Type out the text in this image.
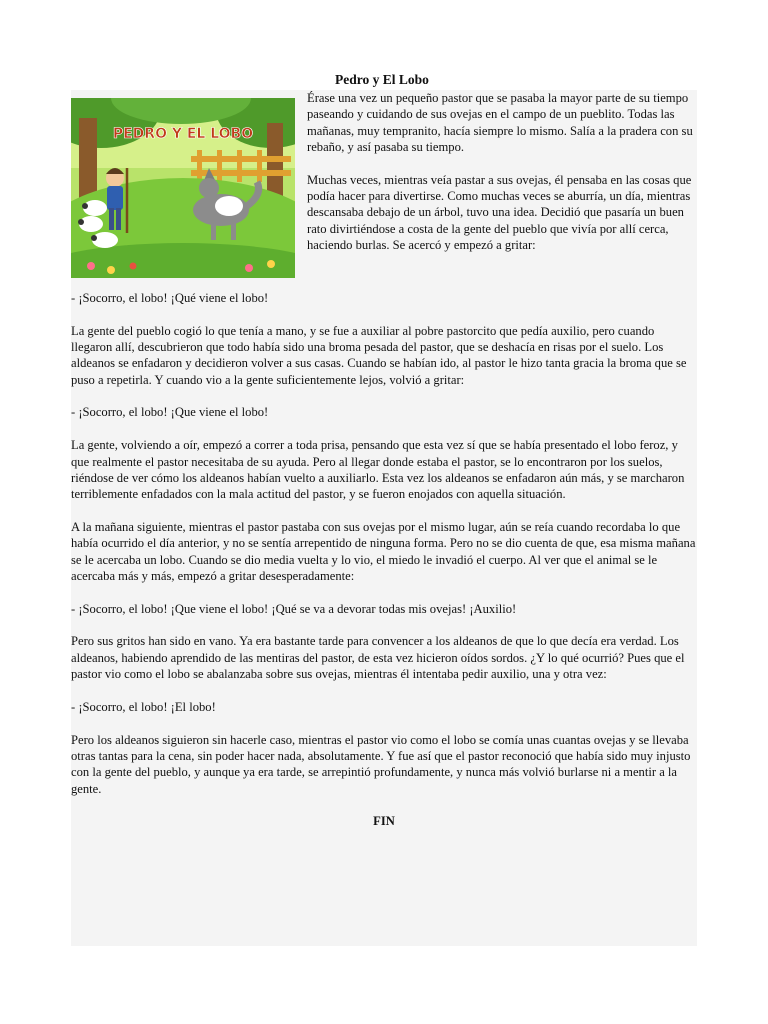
Pedro y El Lobo
PEDRO Y EL LOBO

Érase una vez un pequeño pastor que se pasaba la mayor parte de su tiempo paseando y cuidando de sus ovejas en el campo de un pueblito. Todas las mañanas, muy tempranito, hacía siempre lo mismo. Salía a la pradera con su rebaño, y así pasaba su tiempo.

Muchas veces, mientras veía pastar a sus ovejas, él pensaba en las cosas que podía hacer para divertirse. Como muchas veces se aburría, un día, mientras descansaba debajo de un árbol, tuvo una idea. Decidió que pasaría un buen rato divirtiéndose a costa de la gente del pueblo que vivía por allí cerca, haciendo burlas. Se acercó y empezó a gritar:

- ¡Socorro, el lobo! ¡Qué viene el lobo!

La gente del pueblo cogió lo que tenía a mano, y se fue a auxiliar al pobre pastorcito que pedía auxilio, pero cuando llegaron allí, descubrieron que todo había sido una broma pesada del pastor, que se deshacía en risas por el suelo. Los aldeanos se enfadaron y decidieron volver a sus casas. Cuando se habían ido, al pastor le hizo tanta gracia la broma que se puso a repetirla. Y cuando vio a la gente suficientemente lejos, volvió a gritar:

- ¡Socorro, el lobo! ¡Que viene el lobo!

La gente, volviendo a oír, empezó a correr a toda prisa, pensando que esta vez sí que se había presentado el lobo feroz, y que realmente el pastor necesitaba de su ayuda. Pero al llegar donde estaba el pastor, se lo encontraron por los suelos, riéndose de ver cómo los aldeanos habían vuelto a auxiliarlo. Esta vez los aldeanos se enfadaron aún más, y se marcharon terriblemente enfadados con la mala actitud del pastor, y se fueron enojados con aquella situación.

A la mañana siguiente, mientras el pastor pastaba con sus ovejas por el mismo lugar, aún se reía cuando recordaba lo que había ocurrido el día anterior, y no se sentía arrepentido de ninguna forma. Pero no se dio cuenta de que, esa misma mañana se le acercaba un lobo. Cuando se dio media vuelta y lo vio, el miedo le invadió el cuerpo. Al ver que el animal se le acercaba más y más, empezó a gritar desesperadamente:

- ¡Socorro, el lobo! ¡Que viene el lobo! ¡Qué se va a devorar todas mis ovejas! ¡Auxilio!

Pero sus gritos han sido en vano. Ya era bastante tarde para convencer a los aldeanos de que lo que decía era verdad. Los aldeanos, habiendo aprendido de las mentiras del pastor, de esta vez hicieron oídos sordos. ¿Y lo qué ocurrió? Pues que el pastor vio como el lobo se abalanzaba sobre sus ovejas, mientras él intentaba pedir auxilio, una y otra vez:

- ¡Socorro, el lobo! ¡El lobo!

Pero los aldeanos siguieron sin hacerle caso, mientras el pastor vio como el lobo se comía unas cuantas ovejas y se llevaba otras tantas para la cena, sin poder hacer nada, absolutamente. Y fue así que el pastor reconoció que había sido muy injusto con la gente del pueblo, y aunque ya era tarde, se arrepintió profundamente, y nunca más volvió burlarse ni a mentir a la gente.

FIN
